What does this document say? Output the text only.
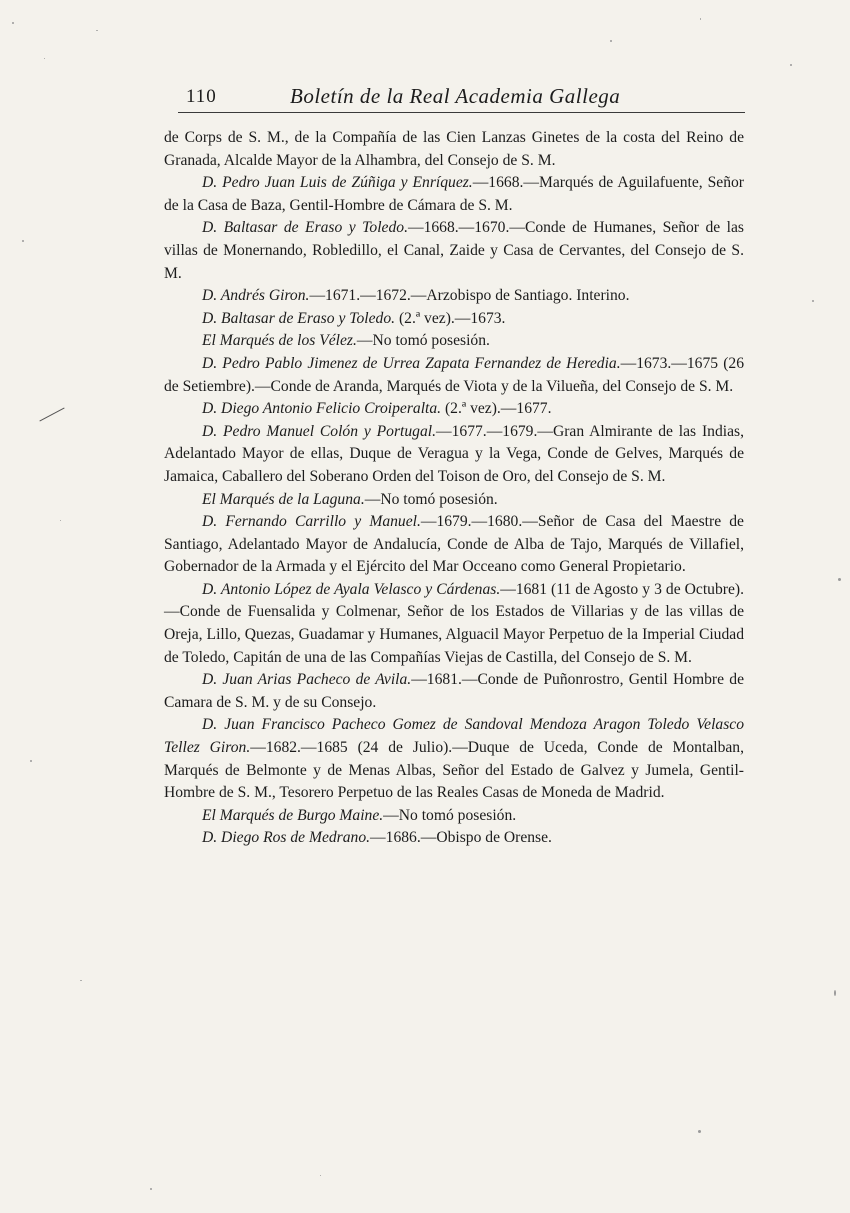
110	Boletín de la Real Academia Gallega

de Corps de S. M., de la Compañía de las Cien Lanzas Ginetes de la costa del Reino de Granada, Alcalde Mayor de la Alhambra, del Consejo de S. M.

D. Pedro Juan Luis de Zúñiga y Enríquez.—1668.—Marqués de Aguilafuente, Señor de la Casa de Baza, Gentil-Hombre de Cámara de S. M.

D. Baltasar de Eraso y Toledo.—1668.—1670.—Conde de Humanes, Señor de las villas de Monernando, Robledillo, el Canal, Zaide y Casa de Cervantes, del Consejo de S. M.

D. Andrés Giron.—1671.—1672.—Arzobispo de Santiago. Interino.

D. Baltasar de Eraso y Toledo. (2.ª vez).—1673.

El Marqués de los Vélez.—No tomó posesión.

D. Pedro Pablo Jimenez de Urrea Zapata Fernandez de Heredia.—1673.—1675 (26 de Setiembre).—Conde de Aranda, Marqués de Viota y de la Vilueña, del Consejo de S. M.

D. Diego Antonio Felicio Croiperalta. (2.ª vez).—1677.

D. Pedro Manuel Colón y Portugal.—1677.—1679.—Gran Almirante de las Indias, Adelantado Mayor de ellas, Duque de Veragua y la Vega, Conde de Gelves, Marqués de Jamaica, Caballero del Soberano Orden del Toison de Oro, del Consejo de S. M.

El Marqués de la Laguna.—No tomó posesión.

D. Fernando Carrillo y Manuel.—1679.—1680.—Señor de Casa del Maestre de Santiago, Adelantado Mayor de Andalucía, Conde de Alba de Tajo, Marqués de Villafiel, Gobernador de la Armada y el Ejército del Mar Occeano como General Propietario.

D. Antonio López de Ayala Velasco y Cárdenas.—1681 (11 de Agosto y 3 de Octubre).—Conde de Fuensalida y Colmenar, Señor de los Estados de Villarias y de las villas de Oreja, Lillo, Quezas, Guadamar y Humanes, Alguacil Mayor Perpetuo de la Imperial Ciudad de Toledo, Capitán de una de las Compañías Viejas de Castilla, del Consejo de S. M.

D. Juan Arias Pacheco de Avila.—1681.—Conde de Puñonrostro, Gentil Hombre de Camara de S. M. y de su Consejo.

D. Juan Francisco Pacheco Gomez de Sandoval Mendoza Aragon Toledo Velasco Tellez Giron.—1682.—1685 (24 de Julio).—Duque de Uceda, Conde de Montalban, Marqués de Belmonte y de Menas Albas, Señor del Estado de Galvez y Jumela, Gentil-Hombre de S. M., Tesorero Perpetuo de las Reales Casas de Moneda de Madrid.

El Marqués de Burgo Maine.—No tomó posesión.

D. Diego Ros de Medrano.—1686.—Obispo de Orense.
